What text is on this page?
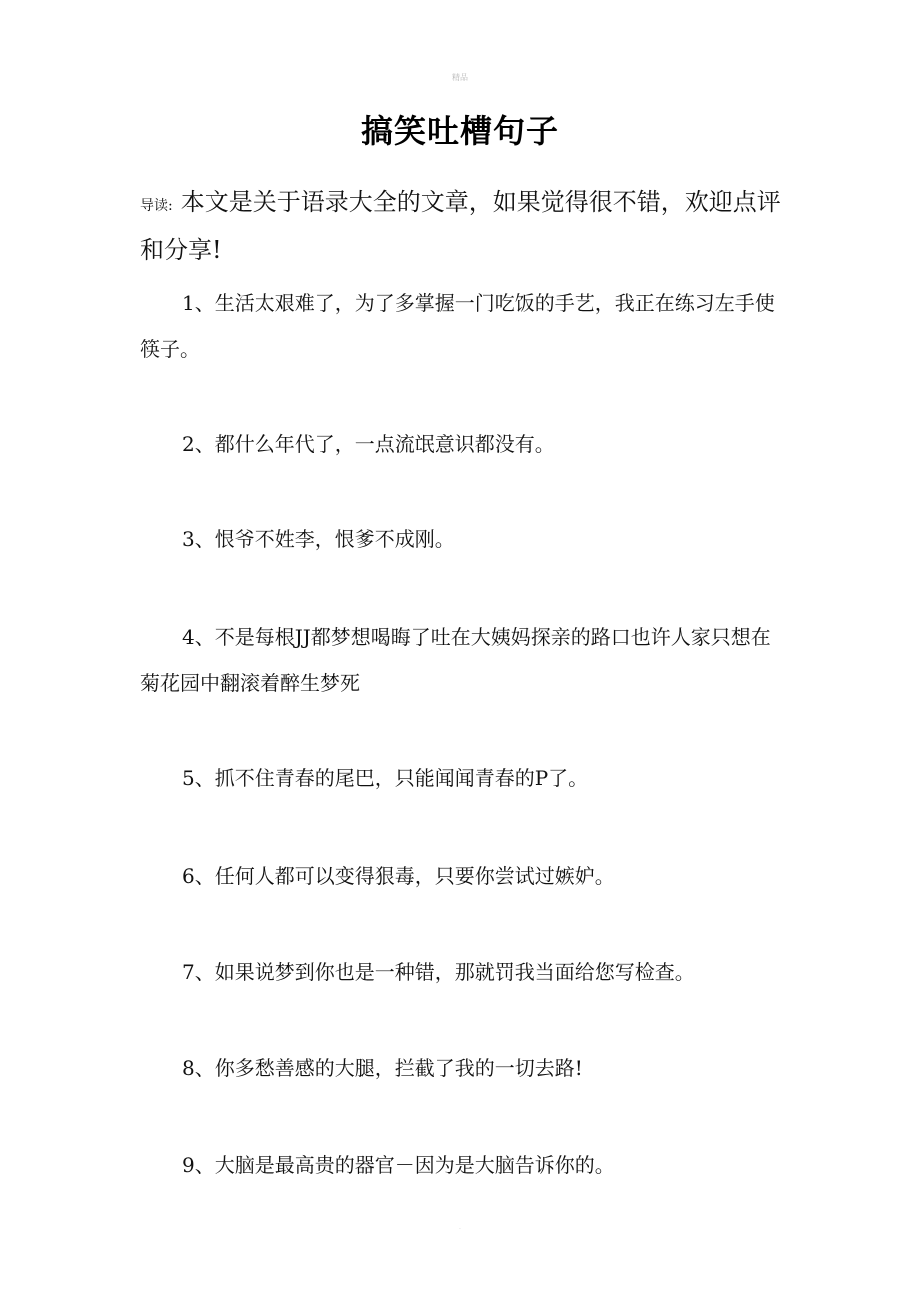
精品
搞笑吐槽句子

导读: 本文是关于语录大全的文章，如果觉得很不错，欢迎点评和分享!

1、生活太艰难了，为了多掌握一门吃饭的手艺，我正在练习左手使筷子。

2、都什么年代了，一点流氓意识都没有。

3、恨爷不姓李，恨爹不成刚。

4、不是每根JJ都梦想喝晦了吐在大姨妈探亲的路口也许人家只想在菊花园中翻滚着醉生梦死

5、抓不住青春的尾巴，只能闻闻青春的P了。

6、任何人都可以变得狠毒，只要你尝试过嫉妒。

7、如果说梦到你也是一种错，那就罚我当面给您写检查。

8、你多愁善感的大腿，拦截了我的一切去路!

9、大脑是最高贵的器官－因为是大脑告诉你的。

.
